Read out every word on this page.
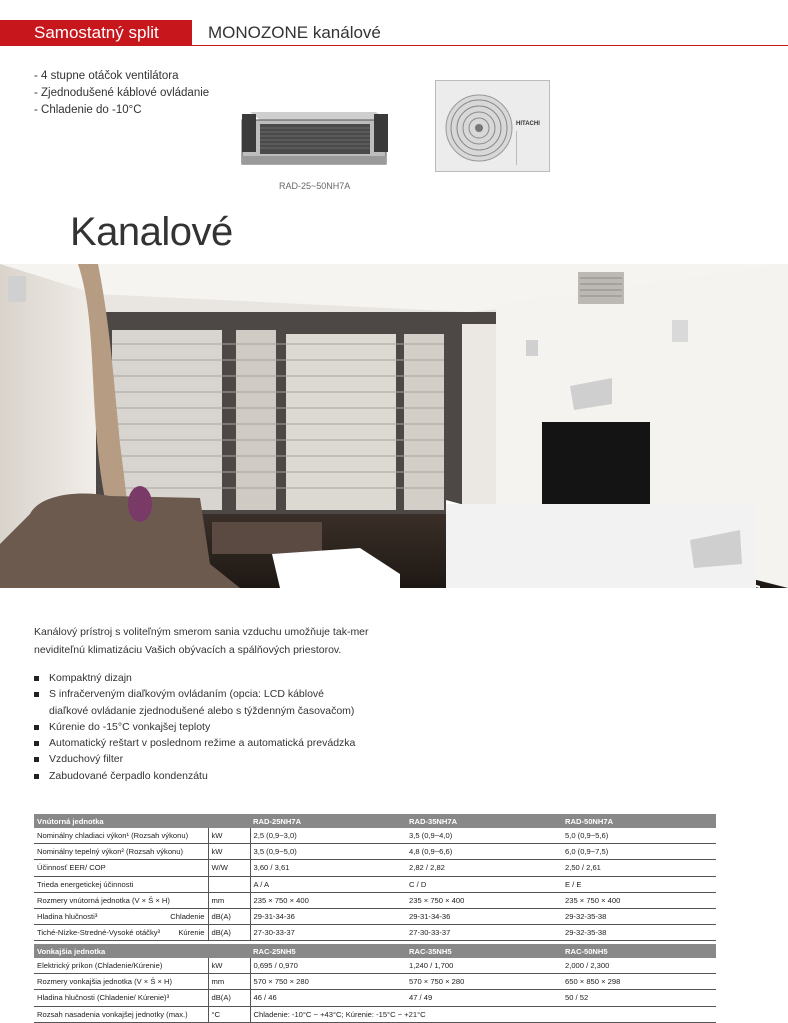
Samostatný split	MONOZONE kanálové
- 4 stupne otáčok ventilátora
- Zjednodušené káblové ovládanie
- Chladenie do -10°C
RAD-25~50NH7A
HITACHI
Kanalové
Kanálový prístroj s voliteľným smerom sania vzduchu umožňuje tak-mer neviditeľnú klimatizáciu Vašich obývacích a spálňových priestorov.
Kompaktný dizajn
S infračerveným diaľkovým ovládaním (opcia: LCD káblové
diaľkové ovládanie zjednodušené alebo s týždenným časovačom)
Kúrenie do -15°C vonkajšej teploty
Automatický reštart v poslednom režime a automatická prevádzka
Vzduchový filter
Zabudované čerpadlo kondenzátu
Vnútorná jednotka			RAD-25NH7A	RAD-35NH7A	RAD-50NH7A
Nominálny chladiaci výkon¹ (Rozsah výkonu)		kW	2,5 (0,9~3,0)	3,5 (0,9~4,0)	5,0 (0,9~5,6)
Nominálny tepelný výkon² (Rozsah výkonu)		kW	3,5 (0,9~5,0)	4,8 (0,9~6,6)	6,0 (0,9~7,5)
Účinnosť EER/ COP		W/W	3,60 / 3,61	2,82 / 2,82	2,50 / 2,61
Trieda energetickej účinnosti			A / A	C / D	E / E
Rozmery vnútorná jednotka (V × Š × H)		mm	235 × 750 × 400	235 × 750 × 400	235 × 750 × 400
Hladina hlučnosti³	Chladenie	dB(A)	29-31-34-36	29-31-34-36	29-32-35-38
Tiché-Nízke-Stredné-Vysoké otáčky³	Kúrenie	dB(A)	27-30-33-37	27-30-33-37	29-32-35-38
Vonkajšia jednotka		RAC-25NH5	RAC-35NH5	RAC-50NH5
Elektrický príkon (Chladenie/Kúrenie)	kW	0,695 / 0,970	1,240 / 1,700	2,000 / 2,300
Rozmery vonkajšia jednotka (V × Š × H)	mm	570 × 750 × 280	570 × 750 × 280	650 × 850 × 298
Hladina hlučnosti (Chladenie/ Kúrenie)³	dB(A)	46 / 46	47 / 49	50 / 52
Rozsah nasadenia vonkajšej jednotky (max.)	°C	Chladenie: -10°C ~ +43°C; Kúrenie: -15°C ~ +21°C		
